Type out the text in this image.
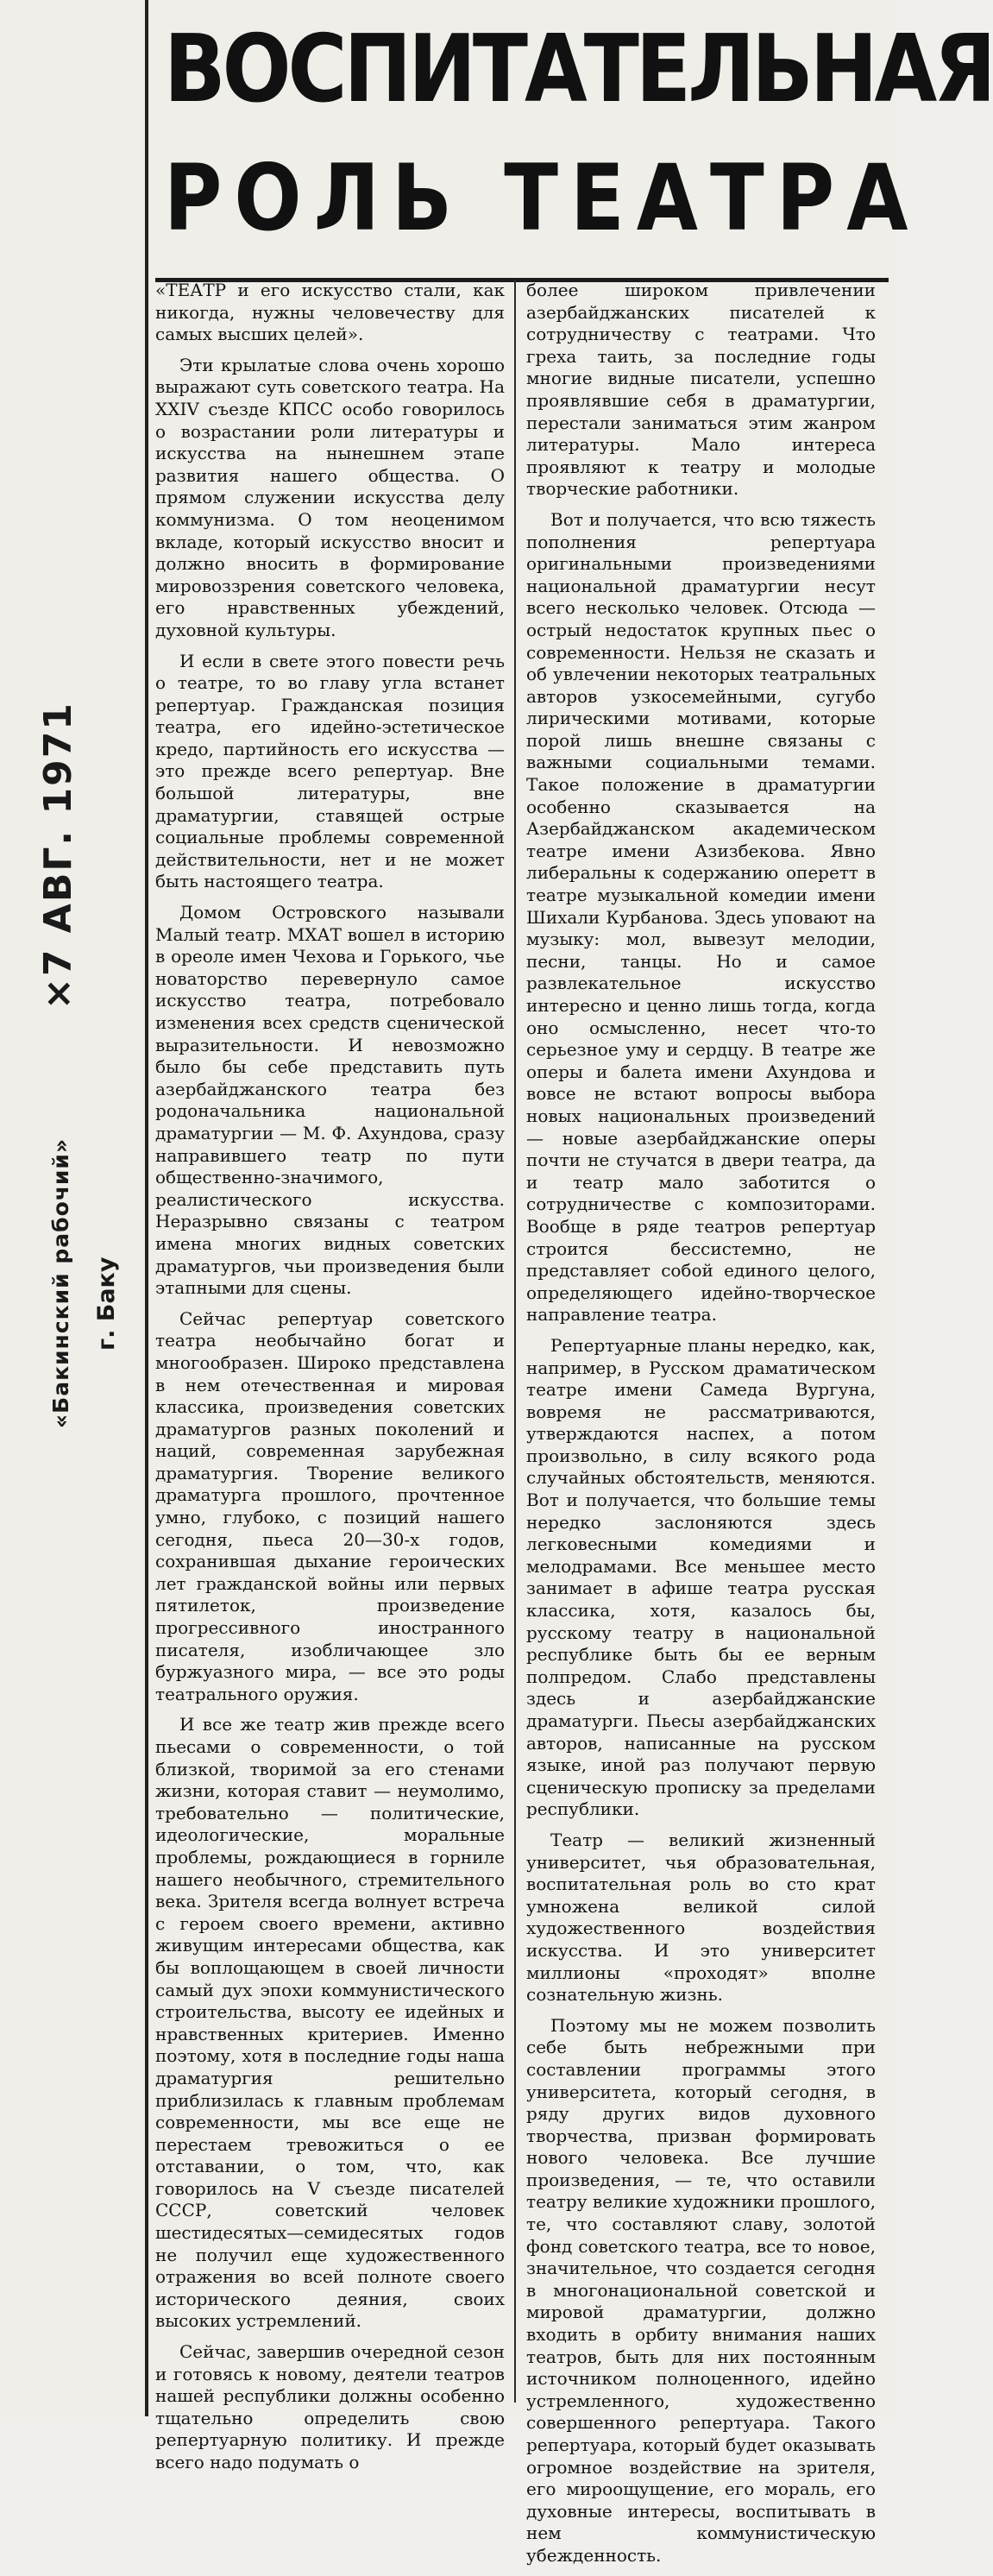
×7 АВГ. 1971
«Бакинский рабочий» г. Баку
ВОСПИТАТЕЛЬНАЯ
РОЛЬ ТЕАТРА

«ТЕАТР и его искусство стали, как никогда, нужны человечеству для самых высших целей».

Эти крылатые слова очень хорошо выражают суть советского театра. На XXIV съезде КПСС особо говорилось о возрастании роли литературы и искусства на нынешнем этапе развития нашего общества. О прямом служении искусства делу коммунизма. О том неоценимом вкладе, который искусство вносит и должно вносить в формирование мировоззрения советского человека, его нравственных убеждений, духовной культуры.

И если в свете этого повести речь о театре, то во главу угла встанет репертуар. Гражданская позиция театра, его идейно-эстетическое кредо, партийность его искусства — это прежде всего репертуар. Вне большой литературы, вне драматургии, ставящей острые социальные проблемы современной действительности, нет и не может быть настоящего театра.

Домом Островского называли Малый театр. МХАТ вошел в историю в ореоле имен Чехова и Горького, чье новаторство перевернуло самое искусство театра, потребовало изменения всех средств сценической выразительности. И невозможно было бы себе представить путь азербайджанского театра без родоначальника национальной драматургии — М. Ф. Ахундова, сразу направившего театр по пути общественно-значимого, реалистического искусства. Неразрывно связаны с театром имена многих видных советских драматургов, чьи произведения были этапными для сцены.

Сейчас репертуар советского театра необычайно богат и многообразен. Широко представлена в нем отечественная и мировая классика, произведения советских драматургов разных поколений и наций, современная зарубежная драматургия. Творение великого драматурга прошлого, прочтенное умно, глубоко, с позиций нашего сегодня, пьеса 20—30-х годов, сохранившая дыхание героических лет гражданской войны или первых пятилеток, произведение прогрессивного иностранного писателя, изобличающее зло буржуазного мира, — все это роды театрального оружия.

И все же театр жив прежде всего пьесами о современности, о той близкой, творимой за его стенами жизни, которая ставит — неумолимо, требовательно — политические, идеологические, моральные проблемы, рождающиеся в горниле нашего необычного, стремительного века. Зрителя всегда волнует встреча с героем своего времени, активно живущим интересами общества, как бы воплощающем в своей личности самый дух эпохи коммунистического строительства, высоту ее идейных и нравственных критериев. Именно поэтому, хотя в последние годы наша драматургия решительно приблизилась к главным проблемам современности, мы все еще не перестаем тревожиться о ее отставании, о том, что, как говорилось на V съезде писателей СССР, советский человек шестидесятых—семидесятых годов не получил еще художественного отражения во всей полноте своего исторического деяния, своих высоких устремлений.

Сейчас, завершив очередной сезон и готовясь к новому, деятели театров нашей республики должны особенно тщательно определить свою репертуарную политику. И прежде всего надо подумать о

более широком привлечении азербайджанских писателей к сотрудничеству с театрами. Что греха таить, за последние годы многие видные писатели, успешно проявлявшие себя в драматургии, перестали заниматься этим жанром литературы. Мало интереса проявляют к театру и молодые творческие работники.

Вот и получается, что всю тяжесть пополнения репертуара оригинальными произведениями национальной драматургии несут всего несколько человек. Отсюда — острый недостаток крупных пьес о современности. Нельзя не сказать и об увлечении некоторых театральных авторов узкосемейными, сугубо лирическими мотивами, которые порой лишь внешне связаны с важными социальными темами. Такое положение в драматургии особенно сказывается на Азербайджанском академическом театре имени Азизбекова. Явно либеральны к содержанию оперетт в театре музыкальной комедии имени Шихали Курбанова. Здесь уповают на музыку: мол, вывезут мелодии, песни, танцы. Но и самое развлекательное искусство интересно и ценно лишь тогда, когда оно осмысленно, несет что-то серьезное уму и сердцу. В театре же оперы и балета имени Ахундова и вовсе не встают вопросы выбора новых национальных произведений — новые азербайджанские оперы почти не стучатся в двери театра, да и театр мало заботится о сотрудничестве с композиторами. Вообще в ряде театров репертуар строится бессистемно, не представляет собой единого целого, определяющего идейно-творческое направление театра.

Репертуарные планы нередко, как, например, в Русском драматическом театре имени Самеда Вургуна, вовремя не рассматриваются, утверждаются наспех, а потом произвольно, в силу всякого рода случайных обстоятельств, меняются. Вот и получается, что большие темы нередко заслоняются здесь легковесными комедиями и мелодрамами. Все меньшее место занимает в афише театра русская классика, хотя, казалось бы, русскому театру в национальной республике быть бы ее верным полпредом. Слабо представлены здесь и азербайджанские драматурги. Пьесы азербайджанских авторов, написанные на русском языке, иной раз получают первую сценическую прописку за пределами республики.

Театр — великий жизненный университет, чья образовательная, воспитательная роль во сто крат умножена великой силой художественного воздействия искусства. И это университет миллионы «проходят» вполне сознательную жизнь.

Поэтому мы не можем позволить себе быть небрежными при составлении программы этого университета, который сегодня, в ряду других видов духовного творчества, призван формировать нового человека. Все лучшие произведения, — те, что оставили театру великие художники прошлого, те, что составляют славу, золотой фонд советского театра, все то новое, значительное, что создается сегодня в многонациональной советской и мировой драматургии, должно входить в орбиту внимания наших театров, быть для них постоянным источником полноценного, идейно устремленного, художественно совершенного репертуара. Такого репертуара, который будет оказывать огромное воздействие на зрителя, его мироощущение, его мораль, его духовные интересы, воспитывать в нем коммунистическую убежденность.
